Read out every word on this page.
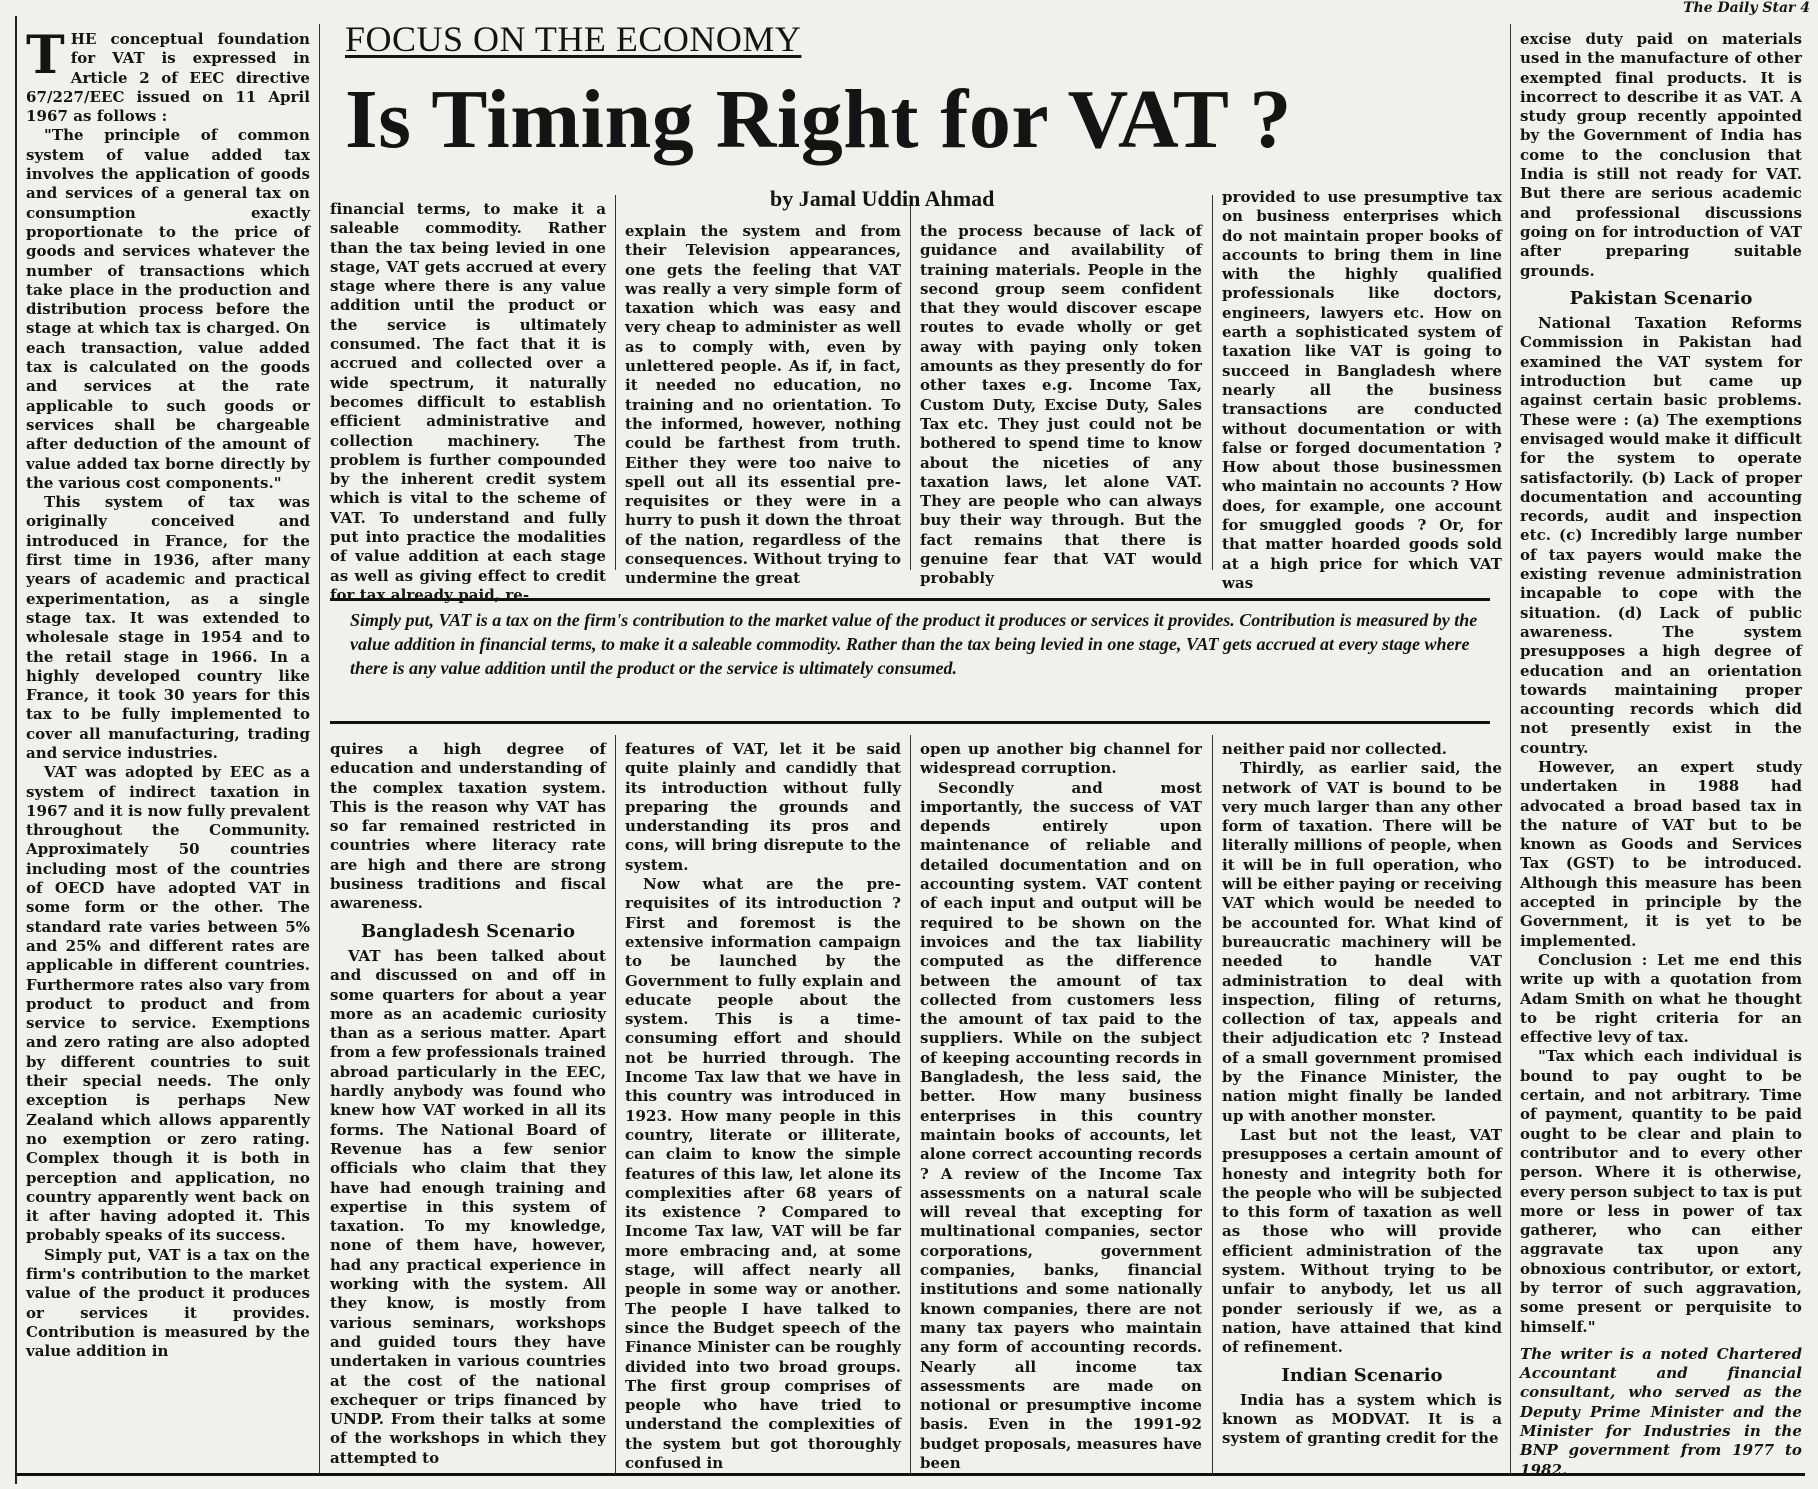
The Daily Star 4
FOCUS ON THE ECONOMY
Is Timing Right for VAT ?
by Jamal Uddin Ahmad
T HE conceptual foundation for VAT is expressed in Article 2 of EEC directive 67/227/EEC issued on 11 April 1967 as follows :

"The principle of common system of value added tax involves the application of goods and services of a general tax on consumption exactly proportionate to the price of goods and services whatever the number of transactions which take place in the production and distribution process before the stage at which tax is charged. On each transaction, value added tax is calculated on the goods and services at the rate applicable to such goods or services shall be chargeable after deduction of the amount of value added tax borne directly by the various cost components."

This system of tax was originally conceived and introduced in France, for the first time in 1936, after many years of academic and practical experimentation, as a single stage tax. It was extended to wholesale stage in 1954 and to the retail stage in 1966. In a highly developed country like France, it took 30 years for this tax to be fully implemented to cover all manufacturing, trading and service industries.

VAT was adopted by EEC as a system of indirect taxation in 1967 and it is now fully prevalent throughout the Community. Approximately 50 countries including most of the countries of OECD have adopted VAT in some form or the other. The standard rate varies between 5% and 25% and different rates are applicable in different countries. Furthermore rates also vary from product to product and from service to service. Exemptions and zero rating are also adopted by different countries to suit their special needs. The only exception is perhaps New Zealand which allows apparently no exemption or zero rating. Complex though it is both in perception and application, no country apparently went back on it after having adopted it. This probably speaks of its success.

Simply put, VAT is a tax on the firm's contribution to the market value of the product it produces or services it provides. Contribution is measured by the value addition in

financial terms, to make it a saleable commodity. Rather than the tax being levied in one stage, VAT gets accrued at every stage where there is any value addition until the product or the service is ultimately consumed. The fact that it is accrued and collected over a wide spectrum, it naturally becomes difficult to establish efficient administrative and collection machinery. The problem is further compounded by the inherent credit system which is vital to the scheme of VAT. To understand and fully put into practice the modalities of value addition at each stage as well as giving effect to credit for tax already paid, re-

explain the system and from their Television appearances, one gets the feeling that VAT was really a very simple form of taxation which was easy and very cheap to administer as well as to comply with, even by unlettered people. As if, in fact, it needed no education, no training and no orientation. To the informed, however, nothing could be farthest from truth. Either they were too naive to spell out all its essential pre-requisites or they were in a hurry to push it down the throat of the nation, regardless of the consequences. Without trying to undermine the great

the process because of lack of guidance and availability of training materials. People in the second group seem confident that they would discover escape routes to evade wholly or get away with paying only token amounts as they presently do for other taxes e.g. Income Tax, Custom Duty, Excise Duty, Sales Tax etc. They just could not be bothered to spend time to know about the niceties of any taxation laws, let alone VAT. They are people who can always buy their way through. But the fact remains that there is genuine fear that VAT would probably

provided to use presumptive tax on business enterprises which do not maintain proper books of accounts to bring them in line with the highly qualified professionals like doctors, engineers, lawyers etc. How on earth a sophisticated system of taxation like VAT is going to succeed in Bangladesh where nearly all the business transactions are conducted without documentation or with false or forged documentation ? How about those businessmen who maintain no accounts ? How does, for example, one account for smuggled goods ? Or, for that matter hoarded goods sold at a high price for which VAT was

Simply put, VAT is a tax on the firm's contribution to the market value of the product it produces or services it provides. Contribution is measured by the value addition in financial terms, to make it a saleable commodity. Rather than the tax being levied in one stage, VAT gets accrued at every stage where there is any value addition until the product or the service is ultimately consumed.

quires a high degree of education and understanding of the complex taxation system. This is the reason why VAT has so far remained restricted in countries where literacy rate are high and there are strong business traditions and fiscal awareness.

Bangladesh Scenario

VAT has been talked about and discussed on and off in some quarters for about a year more as an academic curiosity than as a serious matter. Apart from a few professionals trained abroad particularly in the EEC, hardly anybody was found who knew how VAT worked in all its forms. The National Board of Revenue has a few senior officials who claim that they have had enough training and expertise in this system of taxation. To my knowledge, none of them have, however, had any practical experience in working with the system. All they know, is mostly from various seminars, workshops and guided tours they have undertaken in various countries at the cost of the national exchequer or trips financed by UNDP. From their talks at some of the workshops in which they attempted to

features of VAT, let it be said quite plainly and candidly that its introduction without fully preparing the grounds and understanding its pros and cons, will bring disrepute to the system.

Now what are the pre-requisites of its introduction ? First and foremost is the extensive information campaign to be launched by the Government to fully explain and educate people about the system. This is a time-consuming effort and should not be hurried through. The Income Tax law that we have in this country was introduced in 1923. How many people in this country, literate or illiterate, can claim to know the simple features of this law, let alone its complexities after 68 years of its existence ? Compared to Income Tax law, VAT will be far more embracing and, at some stage, will affect nearly all people in some way or another. The people I have talked to since the Budget speech of the Finance Minister can be roughly divided into two broad groups. The first group comprises of people who have tried to understand the complexities of the system but got thoroughly confused in

open up another big channel for widespread corruption.

Secondly and most importantly, the success of VAT depends entirely upon maintenance of reliable and detailed documentation and on accounting system. VAT content of each input and output will be required to be shown on the invoices and the tax liability computed as the difference between the amount of tax collected from customers less the amount of tax paid to the suppliers. While on the subject of keeping accounting records in Bangladesh, the less said, the better. How many business enterprises in this country maintain books of accounts, let alone correct accounting records ? A review of the Income Tax assessments on a natural scale will reveal that excepting for multinational companies, sector corporations, government companies, banks, financial institutions and some nationally known companies, there are not many tax payers who maintain any form of accounting records. Nearly all income tax assessments are made on notional or presumptive income basis. Even in the 1991-92 budget proposals, measures have been

neither paid nor collected.

Thirdly, as earlier said, the network of VAT is bound to be very much larger than any other form of taxation. There will be literally millions of people, when it will be in full operation, who will be either paying or receiving VAT which would be needed to be accounted for. What kind of bureaucratic machinery will be needed to handle VAT administration to deal with inspection, filing of returns, collection of tax, appeals and their adjudication etc ? Instead of a small government promised by the Finance Minister, the nation might finally be landed up with another monster.

Last but not the least, VAT presupposes a certain amount of honesty and integrity both for the people who will be subjected to this form of taxation as well as those who will provide efficient administration of the system. Without trying to be unfair to anybody, let us all ponder seriously if we, as a nation, have attained that kind of refinement.

Indian Scenario

India has a system which is known as MODVAT. It is a system of granting credit for the

excise duty paid on materials used in the manufacture of other exempted final products. It is incorrect to describe it as VAT. A study group recently appointed by the Government of India has come to the conclusion that India is still not ready for VAT. But there are serious academic and professional discussions going on for introduction of VAT after preparing suitable grounds.

Pakistan Scenario

National Taxation Reforms Commission in Pakistan had examined the VAT system for introduction but came up against certain basic problems. These were : (a) The exemptions envisaged would make it difficult for the system to operate satisfactorily. (b) Lack of proper documentation and accounting records, audit and inspection etc. (c) Incredibly large number of tax payers would make the existing revenue administration incapable to cope with the situation. (d) Lack of public awareness. The system presupposes a high degree of education and an orientation towards maintaining proper accounting records which did not presently exist in the country.

However, an expert study undertaken in 1988 had advocated a broad based tax in the nature of VAT but to be known as Goods and Services Tax (GST) to be introduced. Although this measure has been accepted in principle by the Government, it is yet to be implemented.

Conclusion : Let me end this write up with a quotation from Adam Smith on what he thought to be right criteria for an effective levy of tax.

"Tax which each individual is bound to pay ought to be certain, and not arbitrary. Time of payment, quantity to be paid ought to be clear and plain to contributor and to every other person. Where it is otherwise, every person subject to tax is put more or less in power of tax gatherer, who can either aggravate tax upon any obnoxious contributor, or extort, by terror of such aggravation, some present or perquisite to himself."

The writer is a noted Chartered Accountant and financial consultant, who served as the Deputy Prime Minister and the Minister for Industries in the BNP government from 1977 to 1982.
